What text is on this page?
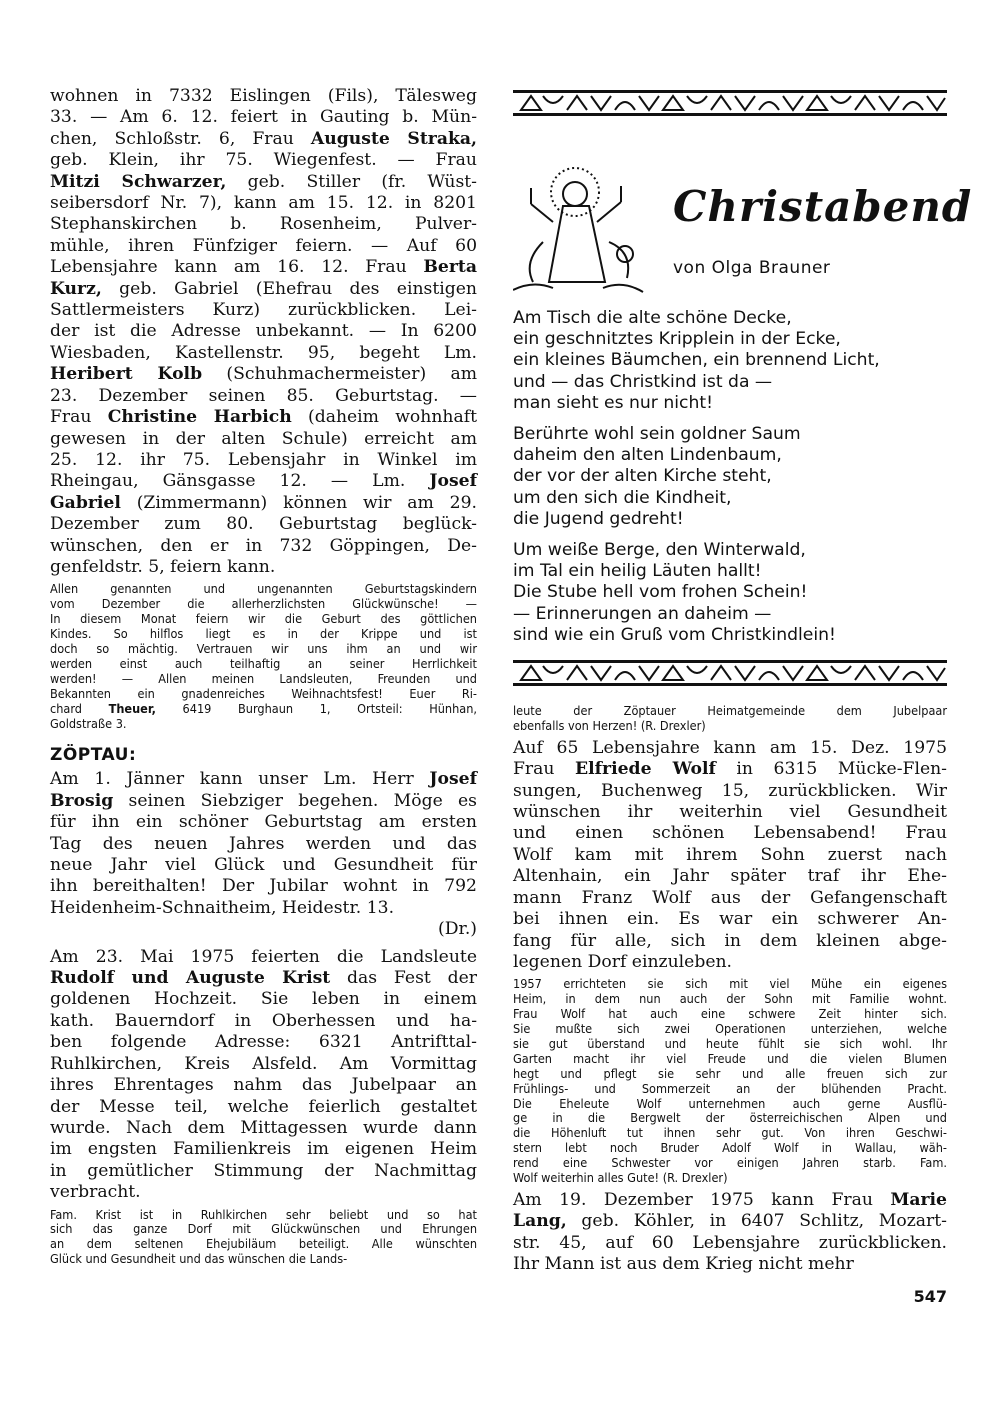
wohnen in 7332 Eislingen (Fils), Tälesweg
33. — Am 6. 12. feiert in Gauting b. Mün-
chen, Schloßstr. 6, Frau Auguste Straka,
geb. Klein, ihr 75. Wiegenfest. — Frau
Mitzi Schwarzer, geb. Stiller (fr. Wüst-
seibersdorf Nr. 7), kann am 15. 12. in 8201
Stephanskirchen b. Rosenheim, Pulver-
mühle, ihren Fünfziger feiern. — Auf 60
Lebensjahre kann am 16. 12. Frau Berta
Kurz, geb. Gabriel (Ehefrau des einstigen
Sattlermeisters Kurz) zurückblicken. Lei-
der ist die Adresse unbekannt. — In 6200
Wiesbaden, Kastellenstr. 95, begeht Lm.
Heribert Kolb (Schuhmachermeister) am
23. Dezember seinen 85. Geburtstag. —
Frau Christine Harbich (daheim wohnhaft
gewesen in der alten Schule) erreicht am
25. 12. ihr 75. Lebensjahr in Winkel im
Rheingau, Gänsgasse 12. — Lm. Josef
Gabriel (Zimmermann) können wir am 29.
Dezember zum 80. Geburtstag beglück-
wünschen, den er in 732 Göppingen, De-
genfeldstr. 5, feiern kann.

Allen genannten und ungenannten Geburtstagskindern
vom Dezember die allerherzlichsten Glückwünsche! —
In diesem Monat feiern wir die Geburt des göttlichen
Kindes. So hilflos liegt es in der Krippe und ist
doch so mächtig. Vertrauen wir uns ihm an und wir
werden einst auch teilhaftig an seiner Herrlichkeit
werden! — Allen meinen Landsleuten, Freunden und
Bekannten ein gnadenreiches Weihnachtsfest! Euer Ri-
chard Theuer, 6419 Burghaun 1, Ortsteil: Hünhan,
Goldstraße 3.

ZÖPTAU:

Am 1. Jänner kann unser Lm. Herr Josef
Brosig seinen Siebziger begehen. Möge es
für ihn ein schöner Geburtstag am ersten
Tag des neuen Jahres werden und das
neue Jahr viel Glück und Gesundheit für
ihn bereithalten! Der Jubilar wohnt in 792
Heidenheim-Schnaitheim, Heidestr. 13.

(Dr.)

Am 23. Mai 1975 feierten die Landsleute
Rudolf und Auguste Krist das Fest der
goldenen Hochzeit. Sie leben in einem
kath. Bauerndorf in Oberhessen und ha-
ben folgende Adresse: 6321 Antrifttal-
Ruhlkirchen, Kreis Alsfeld. Am Vormittag
ihres Ehrentages nahm das Jubelpaar an
der Messe teil, welche feierlich gestaltet
wurde. Nach dem Mittagessen wurde dann
im engsten Familienkreis im eigenen Heim
in gemütlicher Stimmung der Nachmittag
verbracht.

Fam. Krist ist in Ruhlkirchen sehr beliebt und so hat
sich das ganze Dorf mit Glückwünschen und Ehrungen
an dem seltenen Ehejubiläum beteiligt. Alle wünschten
Glück und Gesundheit und das wünschen die Lands-

Christabend
von Olga Brauner
Am Tisch die alte schöne Decke,
ein geschnitztes Kripplein in der Ecke,
ein kleines Bäumchen, ein brennend Licht,
und — das Christkind ist da —
man sieht es nur nicht!
Berührte wohl sein goldner Saum
daheim den alten Lindenbaum,
der vor der alten Kirche steht,
um den sich die Kindheit,
die Jugend gedreht!
Um weiße Berge, den Winterwald,
im Tal ein heilig Läuten hallt!
Die Stube hell vom frohen Schein!
— Erinnerungen an daheim —
sind wie ein Gruß vom Christkindlein!

leute der Zöptauer Heimatgemeinde dem Jubelpaar
ebenfalls von Herzen! (R. Drexler)

Auf 65 Lebensjahre kann am 15. Dez. 1975
Frau Elfriede Wolf in 6315 Mücke-Flen-
sungen, Buchenweg 15, zurückblicken. Wir
wünschen ihr weiterhin viel Gesundheit
und einen schönen Lebensabend! Frau
Wolf kam mit ihrem Sohn zuerst nach
Altenhain, ein Jahr später traf ihr Ehe-
mann Franz Wolf aus der Gefangenschaft
bei ihnen ein. Es war ein schwerer An-
fang für alle, sich in dem kleinen abge-
legenen Dorf einzuleben.

1957 errichteten sie sich mit viel Mühe ein eigenes
Heim, in dem nun auch der Sohn mit Familie wohnt.
Frau Wolf hat auch eine schwere Zeit hinter sich.
Sie mußte sich zwei Operationen unterziehen, welche
sie gut überstand und heute fühlt sie sich wohl. Ihr
Garten macht ihr viel Freude und die vielen Blumen
hegt und pflegt sie sehr und alle freuen sich zur
Frühlings- und Sommerzeit an der blühenden Pracht.
Die Eheleute Wolf unternehmen auch gerne Ausflü-
ge in die Bergwelt der österreichischen Alpen und
die Höhenluft tut ihnen sehr gut. Von ihren Geschwi-
stern lebt noch Bruder Adolf Wolf in Wallau, wäh-
rend eine Schwester vor einigen Jahren starb. Fam.
Wolf weiterhin alles Gute! (R. Drexler)

Am 19. Dezember 1975 kann Frau Marie
Lang, geb. Köhler, in 6407 Schlitz, Mozart-
str. 45, auf 60 Lebensjahre zurückblicken.
Ihr Mann ist aus dem Krieg nicht mehr

547
